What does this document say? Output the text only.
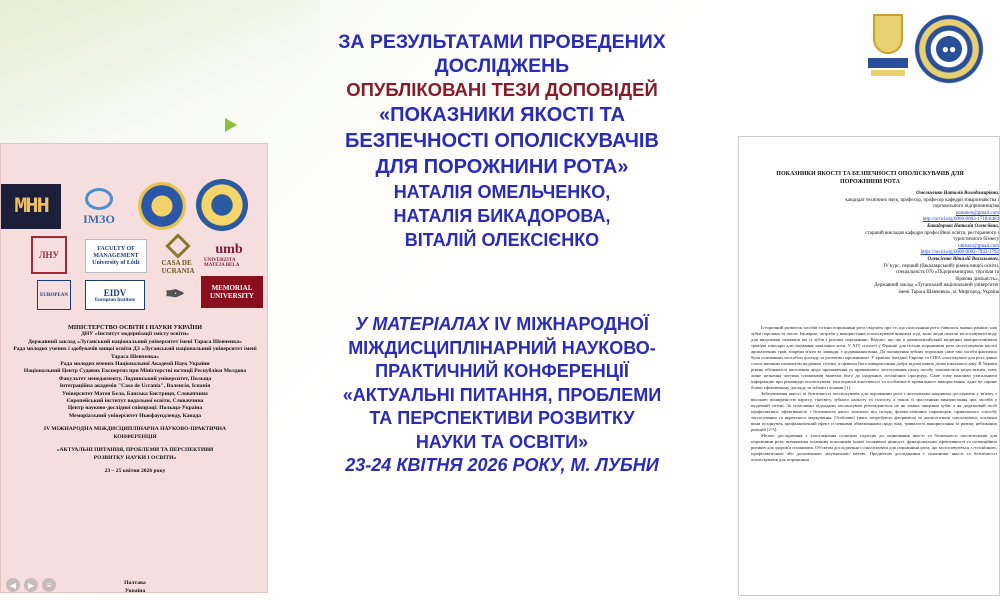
МНН	IMЗO
ЛНУ
FACULTY OF
MANAGEMENT
University of Łódź	CASA DE UCRANIA
umb
UNIVERZITA MATEJA BELA
EUROPEAN	EIDV
European Institute ✒	MEMORIAL
UNIVERSITY
МІНІСТЕРСТВО ОСВІТИ І НАУКИ УКРАЇНИ
ДНУ «Інститут модернізації змісту освіти»
Державний заклад «Луганський національний університет імені Тараса Шевченка»
Рада молодих учених і здобувачів вищої освіти ДЗ «Луганський національний університет імені
Тараса Шевченка»
Рада молодих вчених Національної Академії Наук України
Національний Центр Судових Експертиз при Міністерстві юстиції Республіки Молдова
Факультет менеджменту, Лодзинський університет, Польща
Інтеграційна академія "Casa de Ucrania", Валенсія, Іспанія
Університет Матея Бела, Банська Бистриця, Словаччина
Європейський інститут водальної освіти, Словаччина
Центр науково-дослідної співпраці: Польща-Україна
Меморіальний університет Ньюфаундленду, Канада
IV МІЖНАРОДНА МІЖДИСЦИПЛІНАРНА НАУКОВО-ПРАКТИЧНА
КОНФЕРЕНЦІЯ
«АКТУАЛЬНІ ПИТАННЯ, ПРОБЛЕМИ ТА ПЕРСПЕКТИВИ
РОЗВИТКУ НАУКИ І ОСВІТИ»
23 – 25 квітня 2026 року
Полтава
Україна
ЗА РЕЗУЛЬТАТАМИ ПРОВЕДЕНИХ
ДОСЛІДЖЕНЬ
ОПУБЛІКОВАНІ ТЕЗИ ДОПОВІДЕЙ
«ПОКАЗНИКИ ЯКОСТІ ТА
БЕЗПЕЧНОСТІ ОПОЛІСКУВАЧІВ
ДЛЯ ПОРОЖНИНИ РОТА»
НАТАЛІЯ ОМЕЛЬЧЕНКО,
НАТАЛІЯ БИКАДОРОВА,
ВІТАЛІЙ ОЛЕКСІЄНКО
У МАТЕРІАЛАХ IV МІЖНАРОДНОЇ
МІЖДИСЦИПЛІНАРНИЙ НАУКОВО-
ПРАКТИЧНИЙ КОНФЕРЕНЦІЇ
«АКТУАЛЬНІ ПИТАННЯ, ПРОБЛЕМИ
ТА ПЕРСПЕКТИВИ РОЗВИТКУ
НАУКИ ТА ОСВІТИ»
23-24 КВІТНЯ 2026 РОКУ, М. ЛУБНИ
●●
ПОКАЗНИКИ ЯКОСТІ ТА БЕЗПЕЧНОСТІ ОПОЛІСКУВАЧІВ ДЛЯ
ПОРОЖНИНИ РОТА
Омельченко Наталія Володимирівна,
кандидат технічних наук, професор, професор кафедри товарознавства і
торговельного підприємництва
natomen@gmail.com
http://orcid.org/0000-0003-1718-8484
Бикадорова Наталія Олексіївна,
старший викладач кафедри професійної освіти, ресторанного і
туристичного бізнесу
nbttstar@gmail.com
https://orcid.org/0000-0002-7942-1792
Олексієнко Віталій Васильович,
IV курс, перший (бакалаврський) рівень вищої освіти,
спеціальність 076 «Підприємництво, торгівля та
біржова діяльність»,
Державний заклад «Луганський національний університет
імені Тараса Шевченка», м. Миргород, Україна

Історичний розвиток засобів гігієни порожнини рота свідчить про те, що полоскання рота з'явилося значно раніше, ніж зубні порошки та пасти. Імовірно, потреба у використанні ополіскувачів виникла тоді, коли люди почали застосовувати воду для видалення залишків їжі із зубів і ротової порожнини. Відомо, що ще в давньокитайській медицині використовували трав'яні еліксири для лікування запальних ясен. У XIV столітті у Франції для гігієни порожнини рота застосовували настої ароматичних трав, зокрема м'яти та лаванди, з додаванням вина. До поширення зубних порошків саме такі засоби фактично були основними способом догляду за ротовою порожниною. У країнах Західної Європи та США ополіскувачі для рота давно стали звичним елементом щоденної гігієни, а правила його використання добре відомі навіть дітям шкільного віку. В Україні рівень обізнаності населення щодо призначення та правильного застосування цього засобу залишається недостатнім, тому лише незначна частина споживачів включає його до щоденних гігієнічних процедур. Саме тому важливо узагальнити інформацію про різновиди ополіскувача, їхні корисні властивості та особливості правильного використання, адже це сприяє більш ефективному догляду за зубами і яснами [1].

Забезпечення якості та безпечності ополіскувачів для порожнини рота є актуальним напрямом досліджень у зв'язку з високою поширеністю карієсу, гінгівіту, зубного нальоту та галітозу, а також зі зростанням використання цих засобів у щоденній гігієні. За сучасними підходами ополіскувачі розглядаються не як заміна чищення зубів, а як додатковий засіб профілактики, ефективність і безпечність якого залежать від складу, фізико-хімічних параметрів, правильного способу застосування та коректного маркування. Особливої уваги потребують фторвмісні та антисептичні ополіскувачі, оскільки вони поєднують профілактичний ефект із певними обмеженнями щодо віку, тривалості використання та ризику небажаних реакцій [2-5].

Метою дослідження є узагальнення сучасних підходів до оцінювання якості та безпечності ополіскувачів для порожнини рота, визначення основних показників їхньої споживчої цінності, функціональної ефективності та потенційних ризиків для здоров'я споживача. Об'єктом дослідження є ополіскувачі для порожнини рота, що застосовуються з гігієнічною, профілактичною або допоміжною лікувальною метою. Предметом дослідження є показники якості та безпечності ополіскувачів для порожнини

◀	▶	≡
